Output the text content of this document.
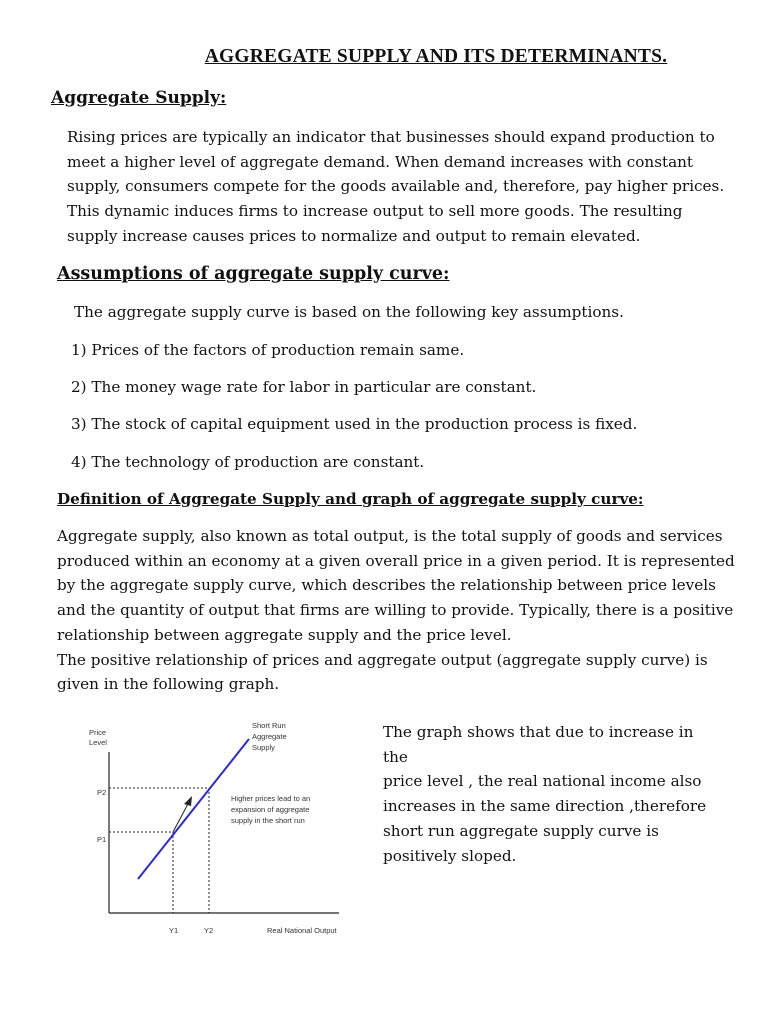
AGGREGATE SUPPLY AND ITS DETERMINANTS.
Aggregate Supply:
Rising prices are typically an indicator that businesses should expand production to
meet a higher level of aggregate demand. When demand increases with constant
supply, consumers compete for the goods available and, therefore, pay higher prices.
This dynamic induces firms to increase output to sell more goods. The resulting
supply increase causes prices to normalize and output to remain elevated.
Assumptions of aggregate supply curve:
The aggregate supply curve is based on the following key assumptions.
1) Prices of the factors of production remain same.
2) The money wage rate for labor in particular are constant.
3) The stock of capital equipment used in the production process is fixed.
4) The technology of production are constant.
Definition of Aggregate Supply and graph of aggregate supply curve:
Aggregate supply, also known as total output, is the total supply of goods and services
produced within an economy at a given overall price in a given period. It is represented
by the aggregate supply curve, which describes the relationship between price levels
and the quantity of output that firms are willing to provide. Typically, there is a positive
relationship between aggregate supply and the price level.
The positive relationship of prices and aggregate output (aggregate supply curve) is
given in the following graph.
Price
Level
P2
P1
Y1	Y2	Real National Output
Short Run
Aggregate
Supply
Higher prices lead to an
expansion of aggregate
supply in the short run
The graph shows that due to increase in the
price level , the real national income also
increases in the same direction ,therefore
short run aggregate supply curve is
positively sloped.
